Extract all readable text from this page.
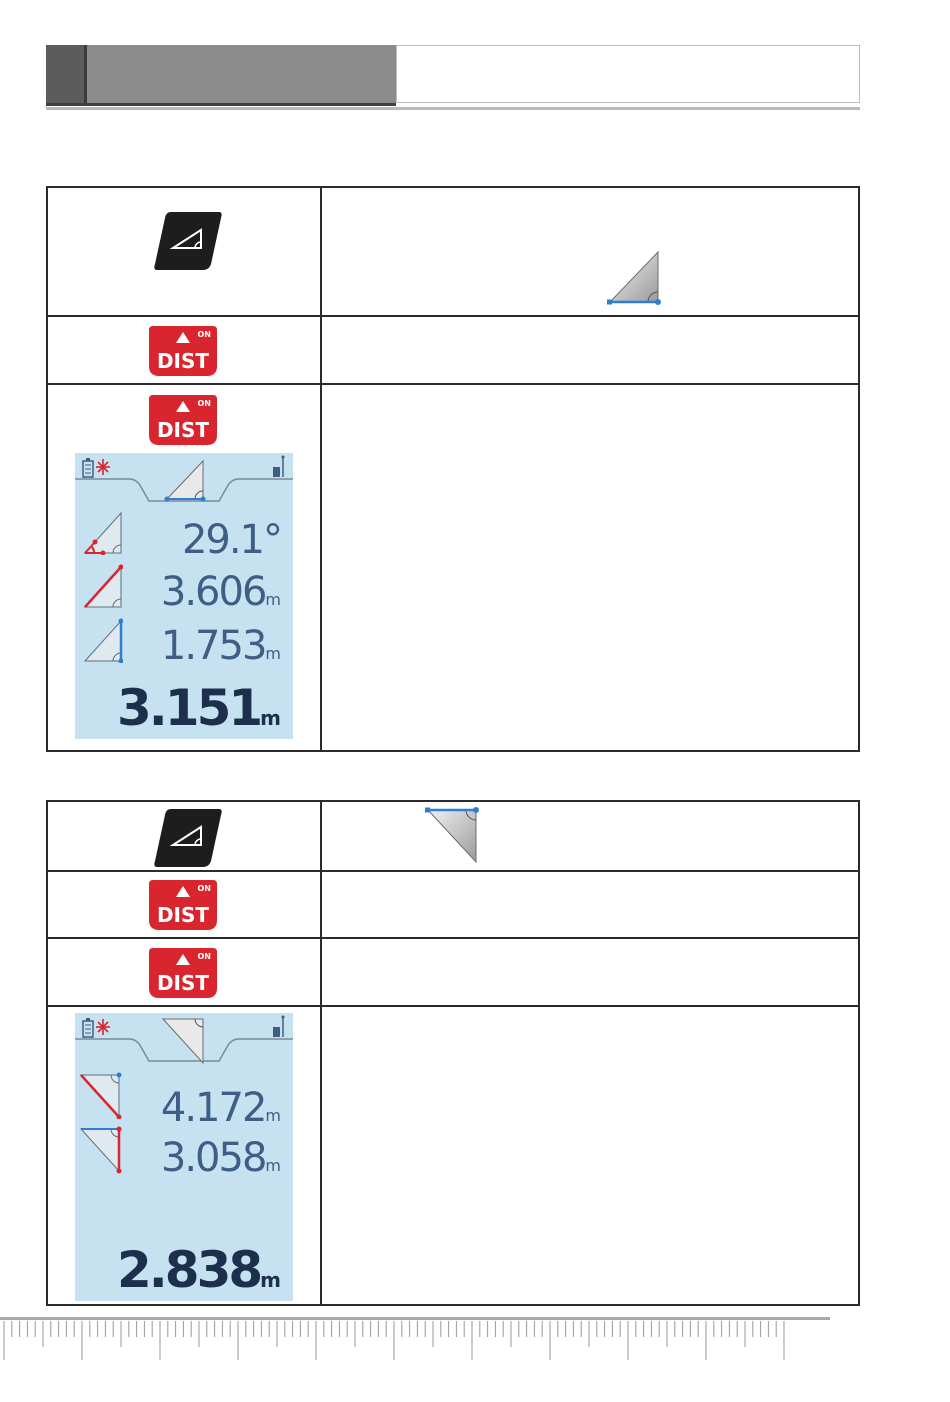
ON
DIST
ON
DIST
29.1°
3.606m
1.753m
3.151m
ON
DIST
ON
DIST
4.172m
3.058m
2.838m
